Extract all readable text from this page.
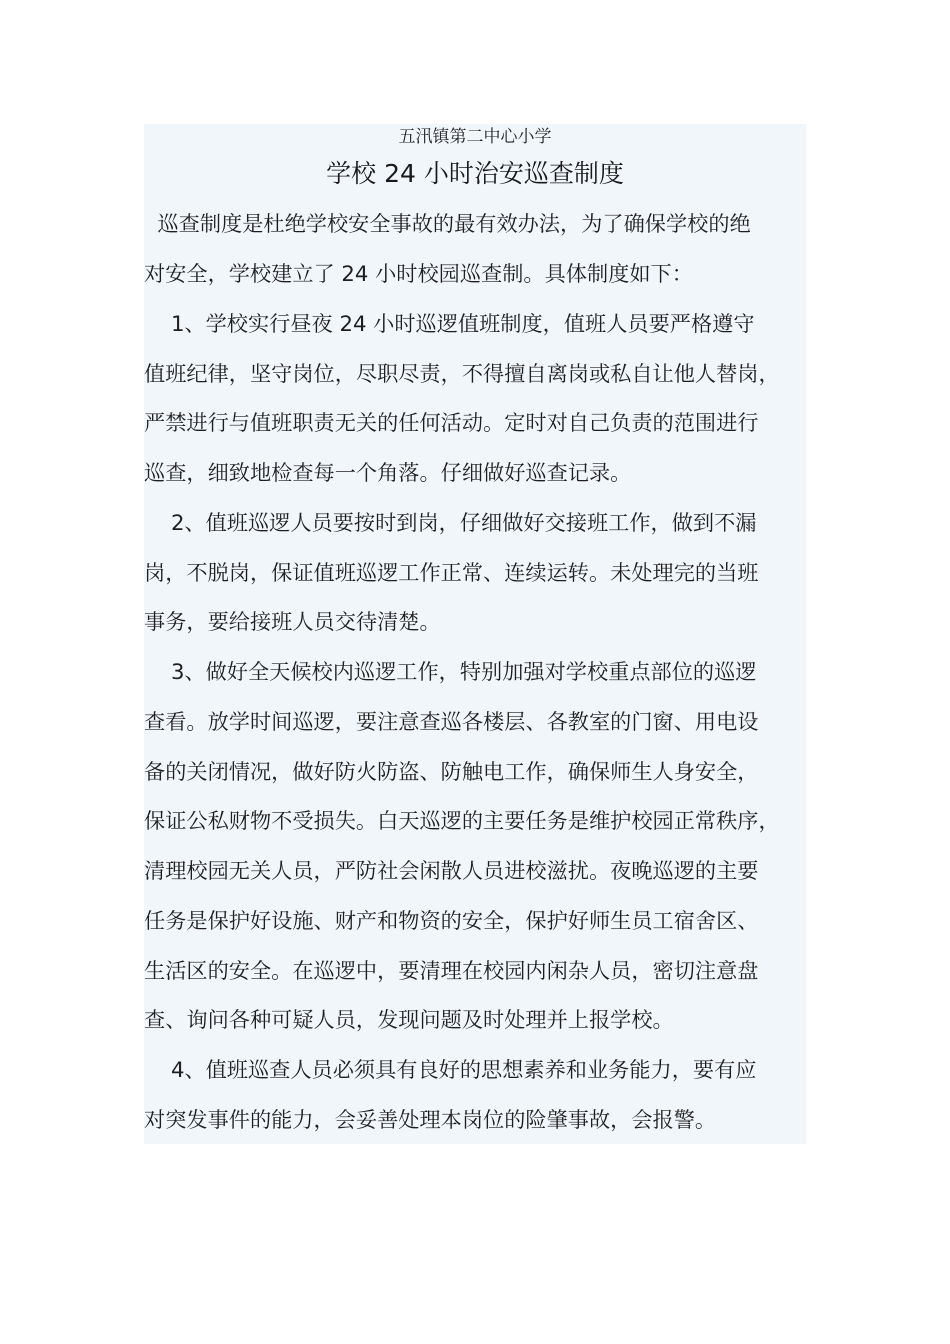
五汛镇第二中心小学
学校 24 小时治安巡查制度
巡查制度是杜绝学校安全事故的最有效办法，为了确保学校的绝
对安全，学校建立了 24 小时校园巡查制。具体制度如下：
1、学校实行昼夜 24 小时巡逻值班制度，值班人员要严格遵守
值班纪律，坚守岗位，尽职尽责，不得擅自离岗或私自让他人替岗，
严禁进行与值班职责无关的任何活动。定时对自己负责的范围进行
巡查，细致地检查每一个角落。仔细做好巡查记录。
2、值班巡逻人员要按时到岗，仔细做好交接班工作，做到不漏
岗，不脱岗，保证值班巡逻工作正常、连续运转。未处理完的当班
事务，要给接班人员交待清楚。
3、做好全天候校内巡逻工作，特别加强对学校重点部位的巡逻
查看。放学时间巡逻，要注意查巡各楼层、各教室的门窗、用电设
备的关闭情况，做好防火防盗、防触电工作，确保师生人身安全，
保证公私财物不受损失。白天巡逻的主要任务是维护校园正常秩序，
清理校园无关人员，严防社会闲散人员进校滋扰。夜晚巡逻的主要
任务是保护好设施、财产和物资的安全，保护好师生员工宿舍区、
生活区的安全。在巡逻中，要清理在校园内闲杂人员，密切注意盘
查、询问各种可疑人员，发现问题及时处理并上报学校。
4、值班巡查人员必须具有良好的思想素养和业务能力，要有应
对突发事件的能力，会妥善处理本岗位的险肇事故，会报警。
